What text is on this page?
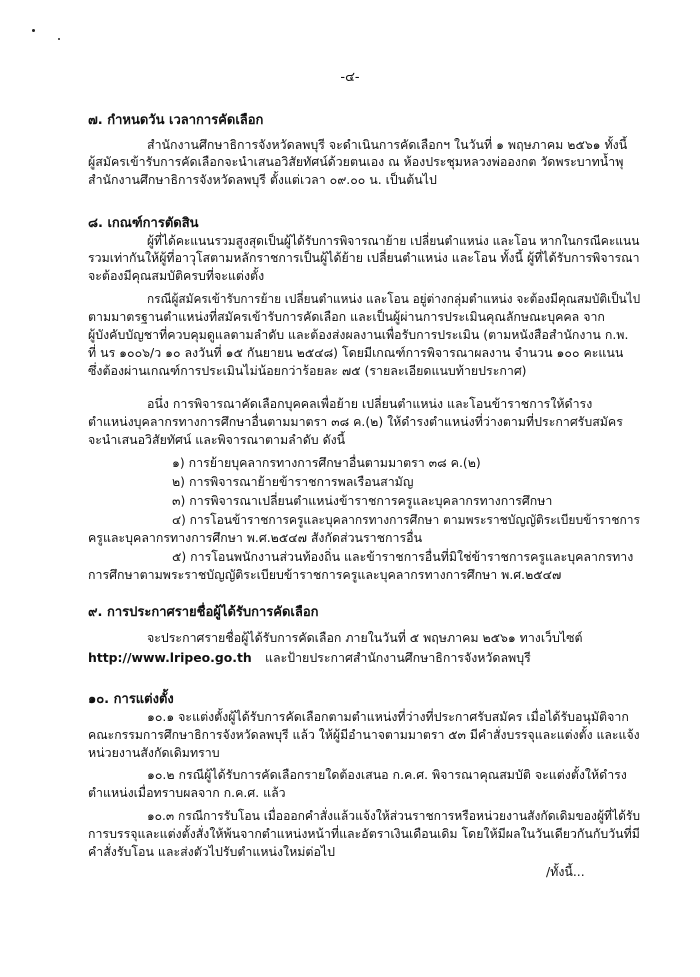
-๔-
๗. กำหนดวัน เวลาการคัดเลือก
สำนักงานศึกษาธิการจังหวัดลพบุรี จะดำเนินการคัดเลือกฯ ในวันที่ ๑ พฤษภาคม ๒๕๖๑ ทั้งนี้
ผู้สมัครเข้ารับการคัดเลือกจะนำเสนอวิสัยทัศน์ด้วยตนเอง ณ ห้องประชุมหลวงพ่อองกต วัดพระบาทน้ำพุ
สำนักงานศึกษาธิการจังหวัดลพบุรี ตั้งแต่เวลา ๐๙.๐๐ น. เป็นต้นไป
๘. เกณฑ์การตัดสิน
ผู้ที่ได้คะแนนรวมสูงสุดเป็นผู้ได้รับการพิจารณาย้าย เปลี่ยนตำแหน่ง และโอน หากในกรณีคะแนน
รวมเท่ากันให้ผู้ที่อาวุโสตามหลักราชการเป็นผู้ได้ย้าย เปลี่ยนตำแหน่ง และโอน ทั้งนี้ ผู้ที่ได้รับการพิจารณา
จะต้องมีคุณสมบัติครบที่จะแต่งตั้ง
กรณีผู้สมัครเข้ารับการย้าย เปลี่ยนตำแหน่ง และโอน อยู่ต่างกลุ่มตำแหน่ง จะต้องมีคุณสมบัติเป็นไป
ตามมาตรฐานตำแหน่งที่สมัครเข้ารับการคัดเลือก และเป็นผู้ผ่านการประเมินคุณลักษณะบุคคล จาก
ผู้บังคับบัญชาที่ควบคุมดูแลตามลำดับ และต้องส่งผลงานเพื่อรับการประเมิน (ตามหนังสือสำนักงาน ก.พ.
ที่ นร ๑๐๐๖/ว ๑๐ ลงวันที่ ๑๕ กันยายน ๒๕๔๘) โดยมีเกณฑ์การพิจารณาผลงาน จำนวน ๑๐๐ คะแนน
ซึ่งต้องผ่านเกณฑ์การประเมินไม่น้อยกว่าร้อยละ ๗๕ (รายละเอียดแนบท้ายประกาศ)
อนึ่ง การพิจารณาคัดเลือกบุคคลเพื่อย้าย เปลี่ยนตำแหน่ง และโอนข้าราชการให้ดำรง
ตำแหน่งบุคลากรทางการศึกษาอื่นตามมาตรา ๓๘ ค.(๒) ให้ดำรงตำแหน่งที่ว่างตามที่ประกาศรับสมัคร
จะนำเสนอวิสัยทัศน์ และพิจารณาตามลำดับ ดังนี้
๑) การย้ายบุคลากรทางการศึกษาอื่นตามมาตรา ๓๘ ค.(๒)
๒) การพิจารณาย้ายข้าราชการพลเรือนสามัญ
๓) การพิจารณาเปลี่ยนตำแหน่งข้าราชการครูและบุคลากรทางการศึกษา
๔) การโอนข้าราชการครูและบุคลากรทางการศึกษา ตามพระราชบัญญัติระเบียบข้าราชการ
ครูและบุคลากรทางการศึกษา พ.ศ.๒๕๔๗ สังกัดส่วนราชการอื่น
๕) การโอนพนักงานส่วนท้องถิ่น และข้าราชการอื่นที่มิใช่ข้าราชการครูและบุคลากรทาง
การศึกษาตามพระราชบัญญัติระเบียบข้าราชการครูและบุคลากรทางการศึกษา พ.ศ.๒๕๔๗
๙. การประกาศรายชื่อผู้ได้รับการคัดเลือก
จะประกาศรายชื่อผู้ได้รับการคัดเลือก ภายในวันที่ ๕ พฤษภาคม ๒๕๖๑ ทางเว็บไซต์
http://www.lripeo.go.th และป้ายประกาศสำนักงานศึกษาธิการจังหวัดลพบุรี
๑๐. การแต่งตั้ง
๑๐.๑ จะแต่งตั้งผู้ได้รับการคัดเลือกตามตำแหน่งที่ว่างที่ประกาศรับสมัคร เมื่อได้รับอนุมัติจาก
คณะกรรมการศึกษาธิการจังหวัดลพบุรี แล้ว ให้ผู้มีอำนาจตามมาตรา ๕๓ มีคำสั่งบรรจุและแต่งตั้ง และแจ้ง
หน่วยงานสังกัดเดิมทราบ
๑๐.๒ กรณีผู้ได้รับการคัดเลือกรายใดต้องเสนอ ก.ค.ศ. พิจารณาคุณสมบัติ จะแต่งตั้งให้ดำรง
ตำแหน่งเมื่อทราบผลจาก ก.ค.ศ. แล้ว
๑๐.๓ กรณีการรับโอน เมื่อออกคำสั่งแล้วแจ้งให้ส่วนราชการหรือหน่วยงานสังกัดเดิมของผู้ที่ได้รับ
การบรรจุและแต่งตั้งสั่งให้พ้นจากตำแหน่งหน้าที่และอัตราเงินเดือนเดิม โดยให้มีผลในวันเดียวกันกับวันที่มี
คำสั่งรับโอน และส่งตัวไปรับตำแหน่งใหม่ต่อไป
/ทั้งนี้...
